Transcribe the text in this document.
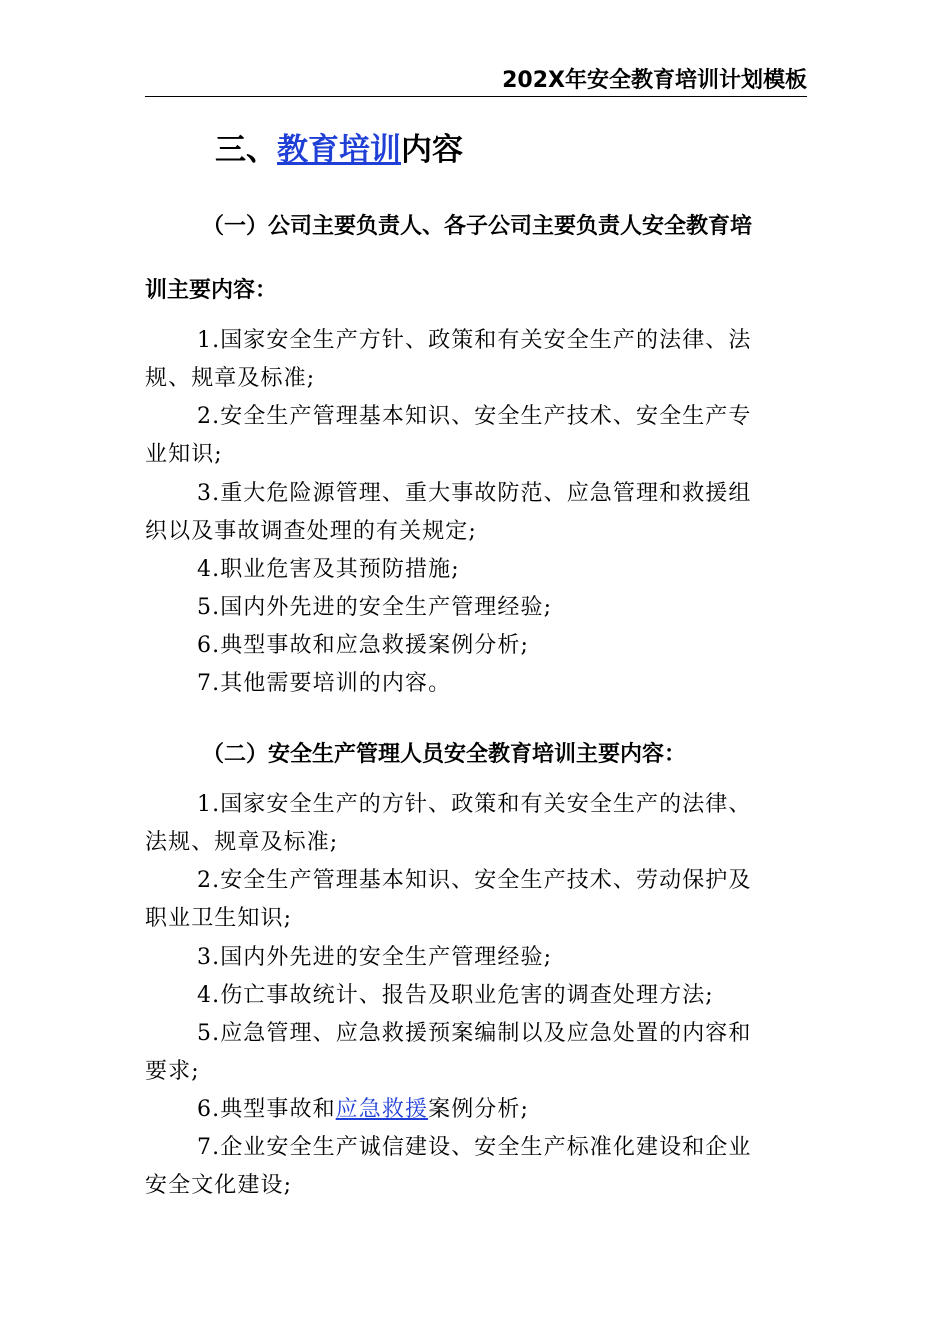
202X年安全教育培训计划模板
三、教育培训内容
（一）公司主要负责人、各子公司主要负责人安全教育培
训主要内容：
1.国家安全生产方针、政策和有关安全生产的法律、法
规、规章及标准;
2.安全生产管理基本知识、安全生产技术、安全生产专
业知识;
3.重大危险源管理、重大事故防范、应急管理和救援组
织以及事故调查处理的有关规定;
4.职业危害及其预防措施;
5.国内外先进的安全生产管理经验;
6.典型事故和应急救援案例分析;
7.其他需要培训的内容。
（二）安全生产管理人员安全教育培训主要内容：
1.国家安全生产的方针、政策和有关安全生产的法律、
法规、规章及标准;
2.安全生产管理基本知识、安全生产技术、劳动保护及
职业卫生知识;
3.国内外先进的安全生产管理经验;
4.伤亡事故统计、报告及职业危害的调查处理方法;
5.应急管理、应急救援预案编制以及应急处置的内容和
要求;
6.典型事故和应急救援案例分析;
7.企业安全生产诚信建设、安全生产标准化建设和企业
安全文化建设;
